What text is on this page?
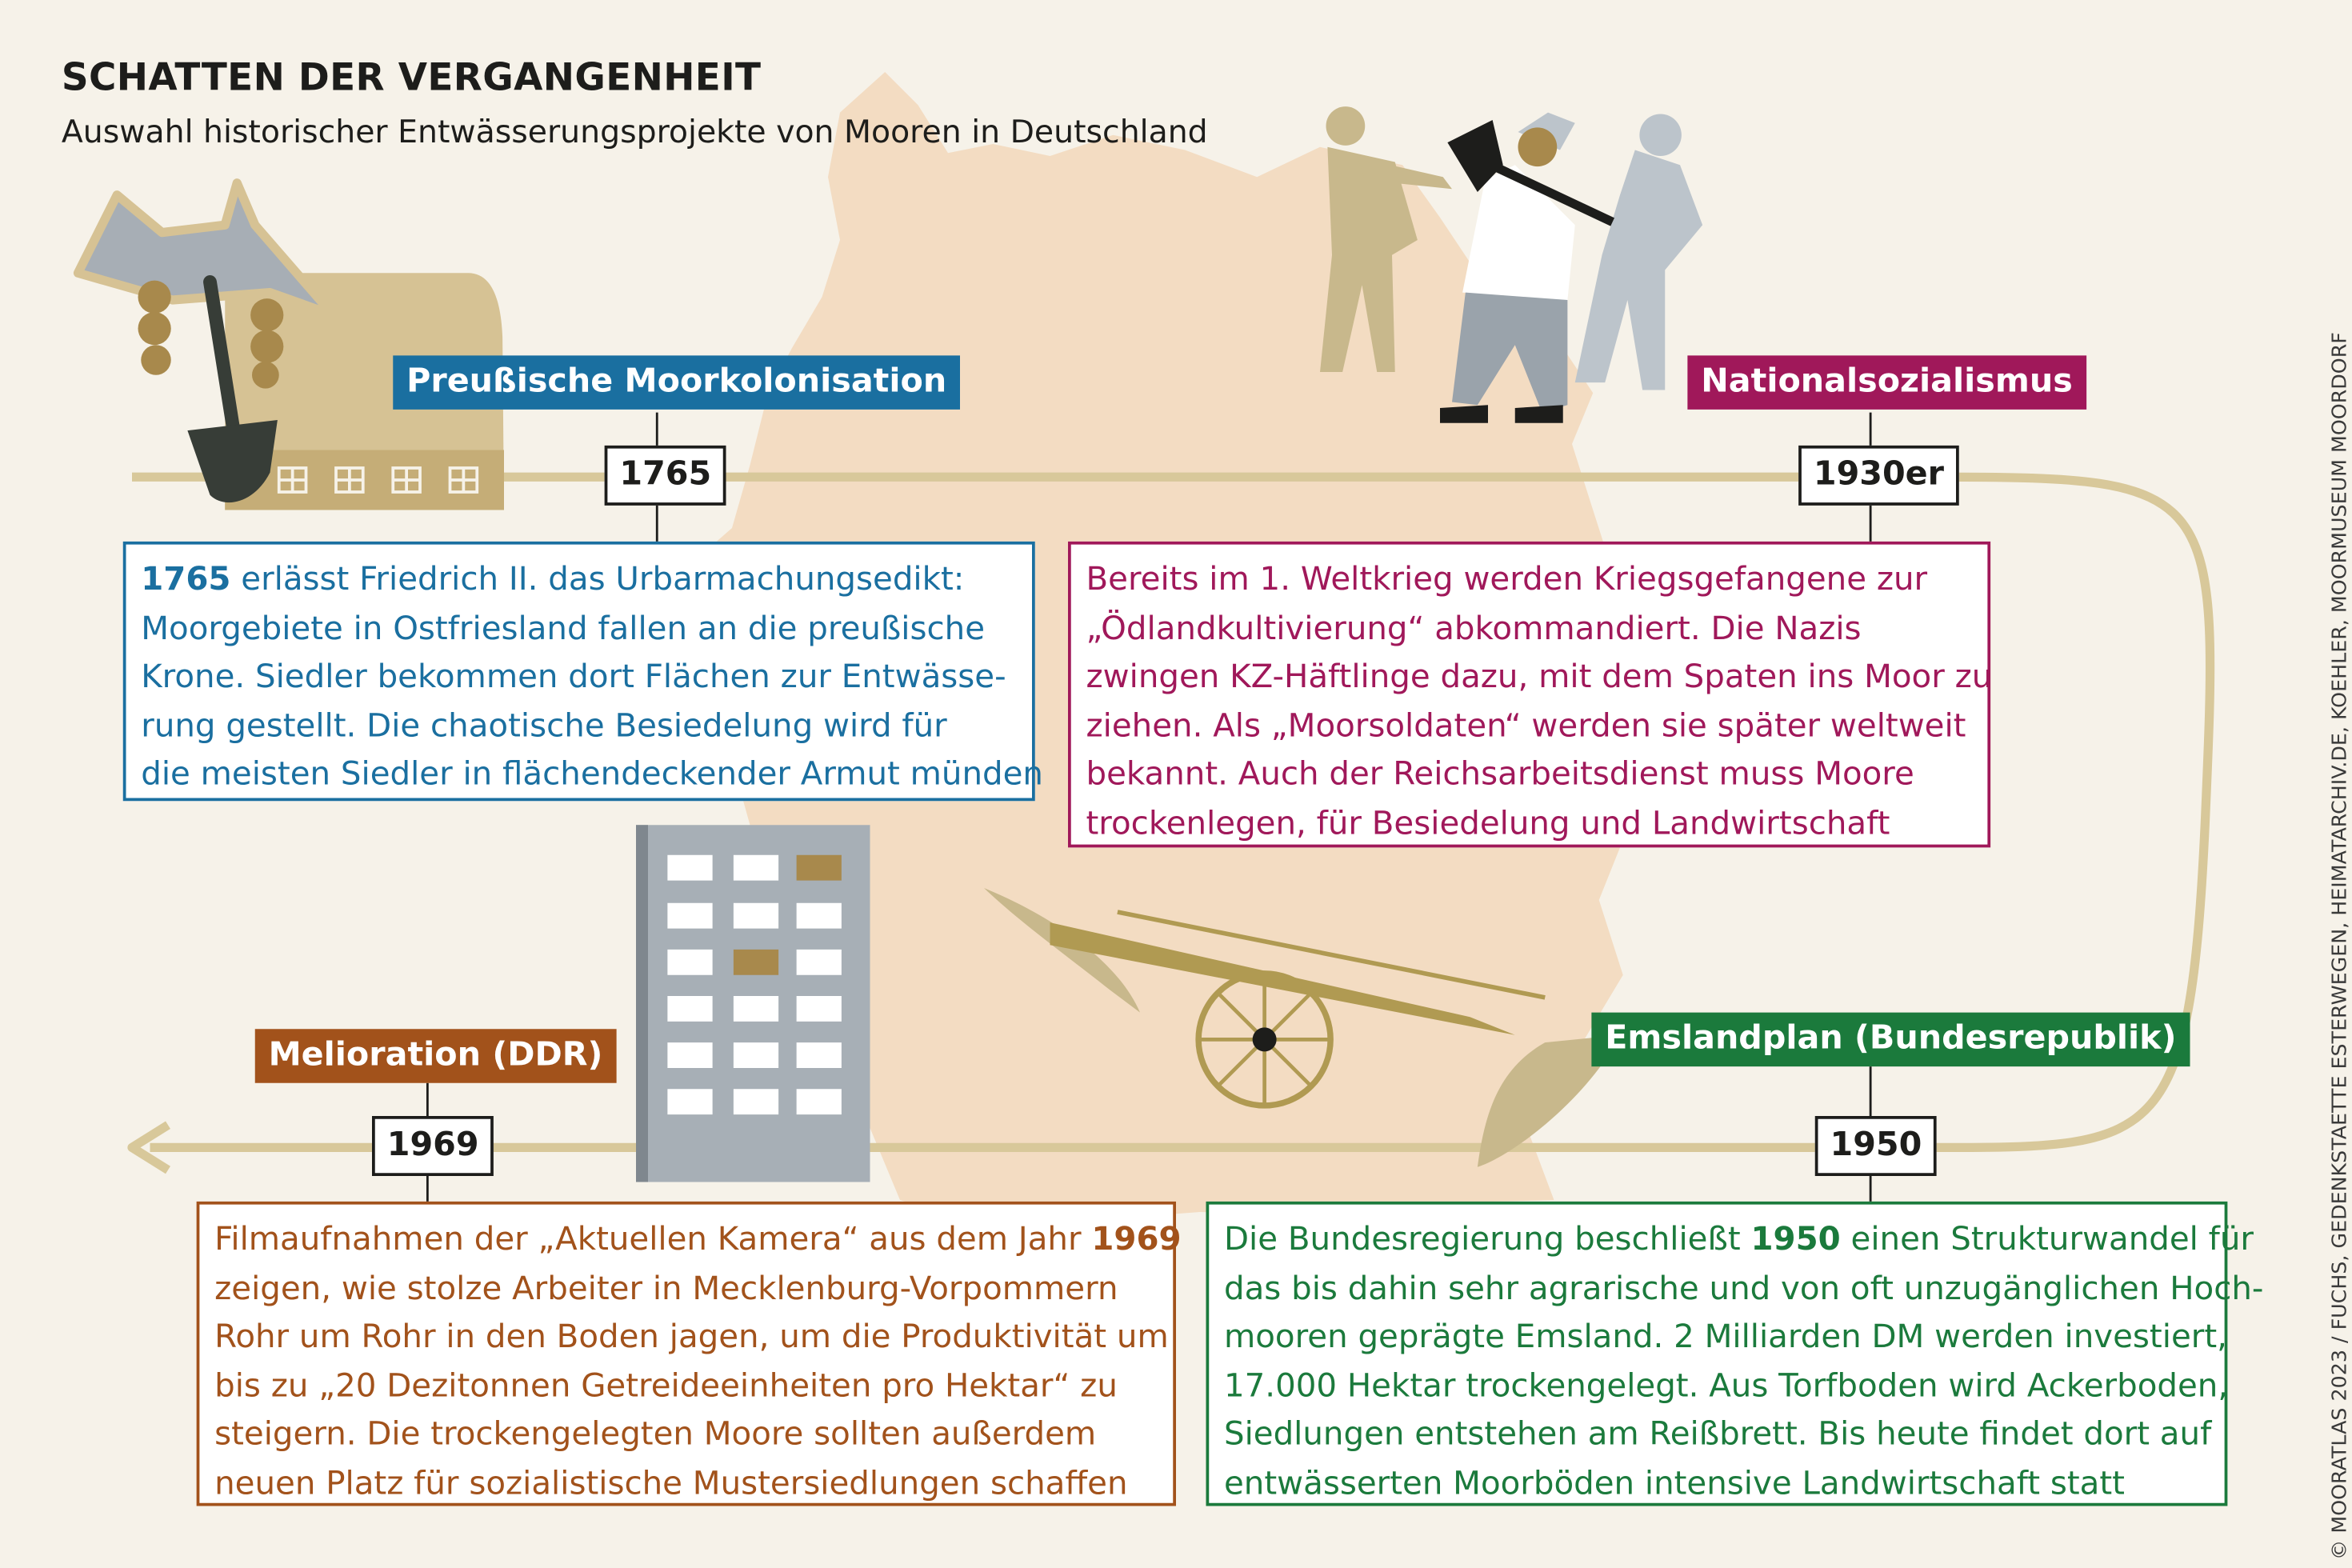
SCHATTEN DER VERGANGENHEIT
Auswahl historischer Entwässerungsprojekte von Mooren in Deutschland
© MOORATLAS 2023 / FUCHS, GEDENKSTAETTE ESTERWEGEN, HEIMATARCHIV.DE, KOEHLER, MOORMUSEUM MOORDORF
Preußische Moorkolonisation
1765
1765 erlässt Friedrich II. das Urbarmachungsedikt:
Moorgebiete in Ostfriesland fallen an die preußische
Krone. Siedler bekommen dort Flächen zur Entwässe-
rung gestellt. Die chaotische Besiedelung wird für
die meisten Siedler in flächendeckender Armut münden
Nationalsozialismus
1930er
Bereits im 1. Weltkrieg werden Kriegsgefangene zur
„Ödlandkultivierung“ abkommandiert. Die Nazis
zwingen KZ-Häftlinge dazu, mit dem Spaten ins Moor zu
ziehen. Als „Moorsoldaten“ werden sie später weltweit
bekannt. Auch der Reichsarbeitsdienst muss Moore
trockenlegen, für Besiedelung und Landwirtschaft
Emslandplan (Bundesrepublik)
1950
Die Bundesregierung beschließt 1950 einen Strukturwandel für
das bis dahin sehr agrarische und von oft unzugänglichen Hoch-
mooren geprägte Emsland. 2 Milliarden DM werden investiert,
17.000 Hektar trockengelegt. Aus Torfboden wird Ackerboden,
Siedlungen entstehen am Reißbrett. Bis heute findet dort auf
entwässerten Moorböden intensive Landwirtschaft statt
Melioration (DDR)
1969
Filmaufnahmen der „Aktuellen Kamera“ aus dem Jahr 1969
zeigen, wie stolze Arbeiter in Mecklenburg-Vorpommern
Rohr um Rohr in den Boden jagen, um die Produktivität um
bis zu „20 Dezitonnen Getreideeinheiten pro Hektar“ zu
steigern. Die trockengelegten Moore sollten außerdem
neuen Platz für sozialistische Mustersiedlungen schaffen
